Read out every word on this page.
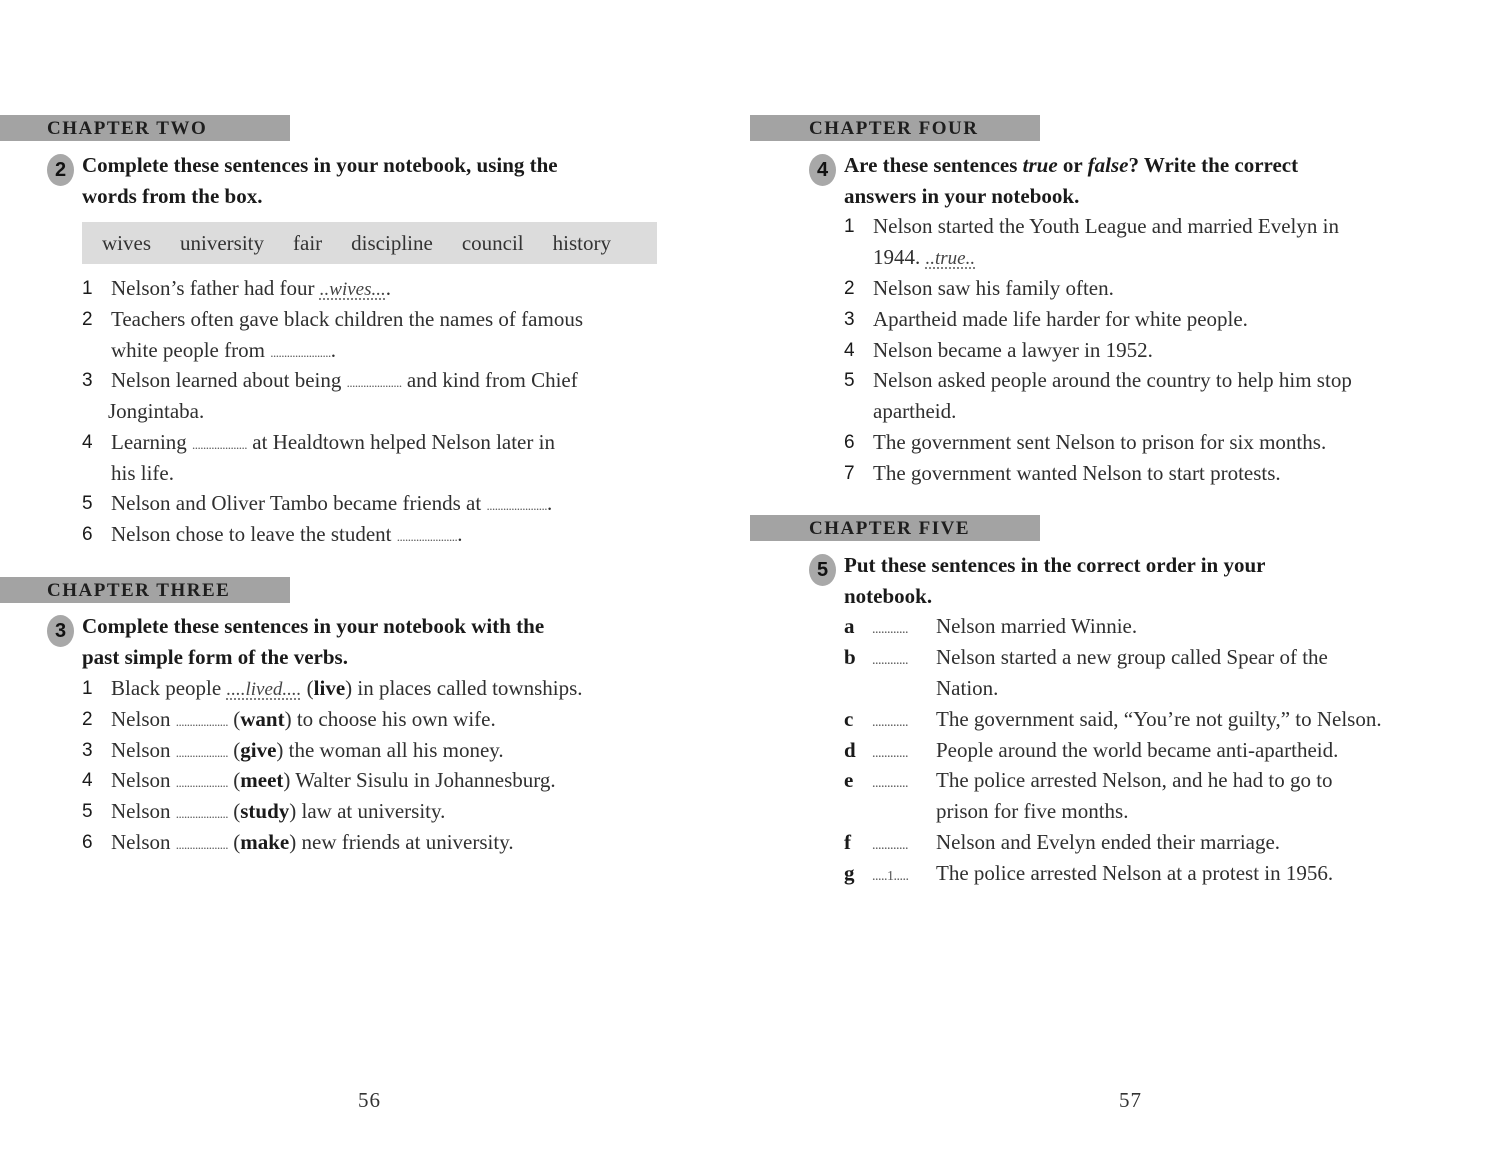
CHAPTER TWO
2 Complete these sentences in your notebook, using the
words from the box.
wives university fair discipline council history
1 Nelson’s father had four ..wives....
2 Teachers often gave black children the names of famous
white people from .......................
3 Nelson learned about being .................... and kind from Chief
Jongintaba.
4 Learning .................... at Healdtown helped Nelson later in
his life.
5 Nelson and Oliver Tambo became friends at .......................
6 Nelson chose to leave the student .......................
CHAPTER THREE
3 Complete these sentences in your notebook with the
past simple form of the verbs.
1 Black people ....lived.... (live) in places called townships.
2 Nelson ................... (want) to choose his own wife.
3 Nelson ................... (give) the woman all his money.
4 Nelson ................... (meet) Walter Sisulu in Johannesburg.
5 Nelson ................... (study) law at university.
6 Nelson ................... (make) new friends at university.
56
CHAPTER FOUR
4 Are these sentences true or false? Write the correct
answers in your notebook.
1 Nelson started the Youth League and married Evelyn in
1944. ..true..
2 Nelson saw his family often.
3 Apartheid made life harder for white people.
4 Nelson became a lawyer in 1952.
5 Nelson asked people around the country to help him stop
apartheid.
6 The government sent Nelson to prison for six months.
7 The government wanted Nelson to start protests.
CHAPTER FIVE
5 Put these sentences in the correct order in your
notebook.
a ............ Nelson married Winnie.
b ............ Nelson started a new group called Spear of the
Nation.
c ............ The government said, “You’re not guilty,” to Nelson.
d ............ People around the world became anti-apartheid.
e ............ The police arrested Nelson, and he had to go to
prison for five months.
f ............ Nelson and Evelyn ended their marriage.
g .....1..... The police arrested Nelson at a protest in 1956.
57
